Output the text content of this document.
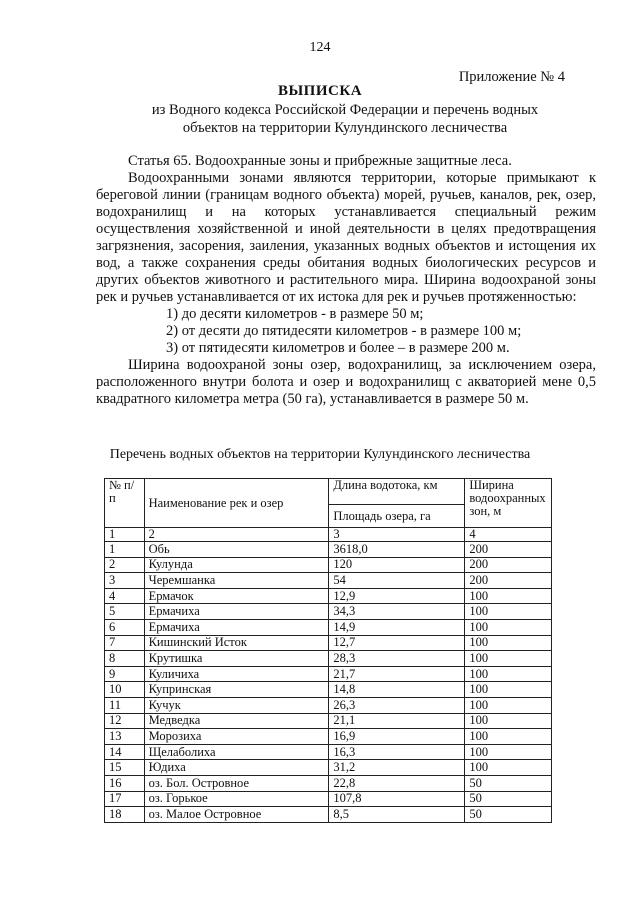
124
Приложение № 4
ВЫПИСКА
из Водного кодекса Российской Федерации и перечень водных
объектов на территории Кулундинского лесничества

Статья 65. Водоохранные зоны и прибрежные защитные леса.

Водоохранными зонами являются территории, которые примыкают к береговой линии (границам водного объекта) морей, ручьев, каналов, рек, озер, водохранилищ и на которых устанавливается специальный режим осуществления хозяйственной и иной деятельности в целях предотвращения загрязнения, засорения, заиления, указанных водных объектов и истощения их вод, а также сохранения среды обитания водных биологических ресурсов и других объектов животного и растительного мира. Ширина водоохраной зоны рек и ручьев устанавливается от их истока для рек и ручьев протяженностью:

1) до десяти километров - в размере 50 м;

2) от десяти до пятидесяти километров - в размере 100 м;

3) от пятидесяти километров и более – в размере 200 м.

Ширина водоохраной зоны озер, водохранилищ, за исключением озера, расположенного внутри болота и озер и водохранилищ с акваторией мене 0,5 квадратного километра метра (50 га), устанавливается в размере 50 м.

Перечень водных объектов на территории Кулундинского лесничества
№ п/п	Наименование рек и озер	Длина водотока, км	Ширина водоохранных зон, м
		Площадь озера, га	
1	2	3	4
1	Обь	3618,0	200
2	Кулунда	120	200
3	Черемшанка	54	200
4	Ермачок	12,9	100
5	Ермачиха	34,3	100
6	Ермачиха	14,9	100
7	Кишинский Исток	12,7	100
8	Крутишка	28,3	100
9	Куличиха	21,7	100
10	Купринская	14,8	100
11	Кучук	26,3	100
12	Медведка	21,1	100
13	Морозиха	16,9	100
14	Щелаболиха	16,3	100
15	Юдиха	31,2	100
16	оз. Бол. Островное	22,8	50
17	оз. Горькое	107,8	50
18	оз. Малое Островное	8,5	50
